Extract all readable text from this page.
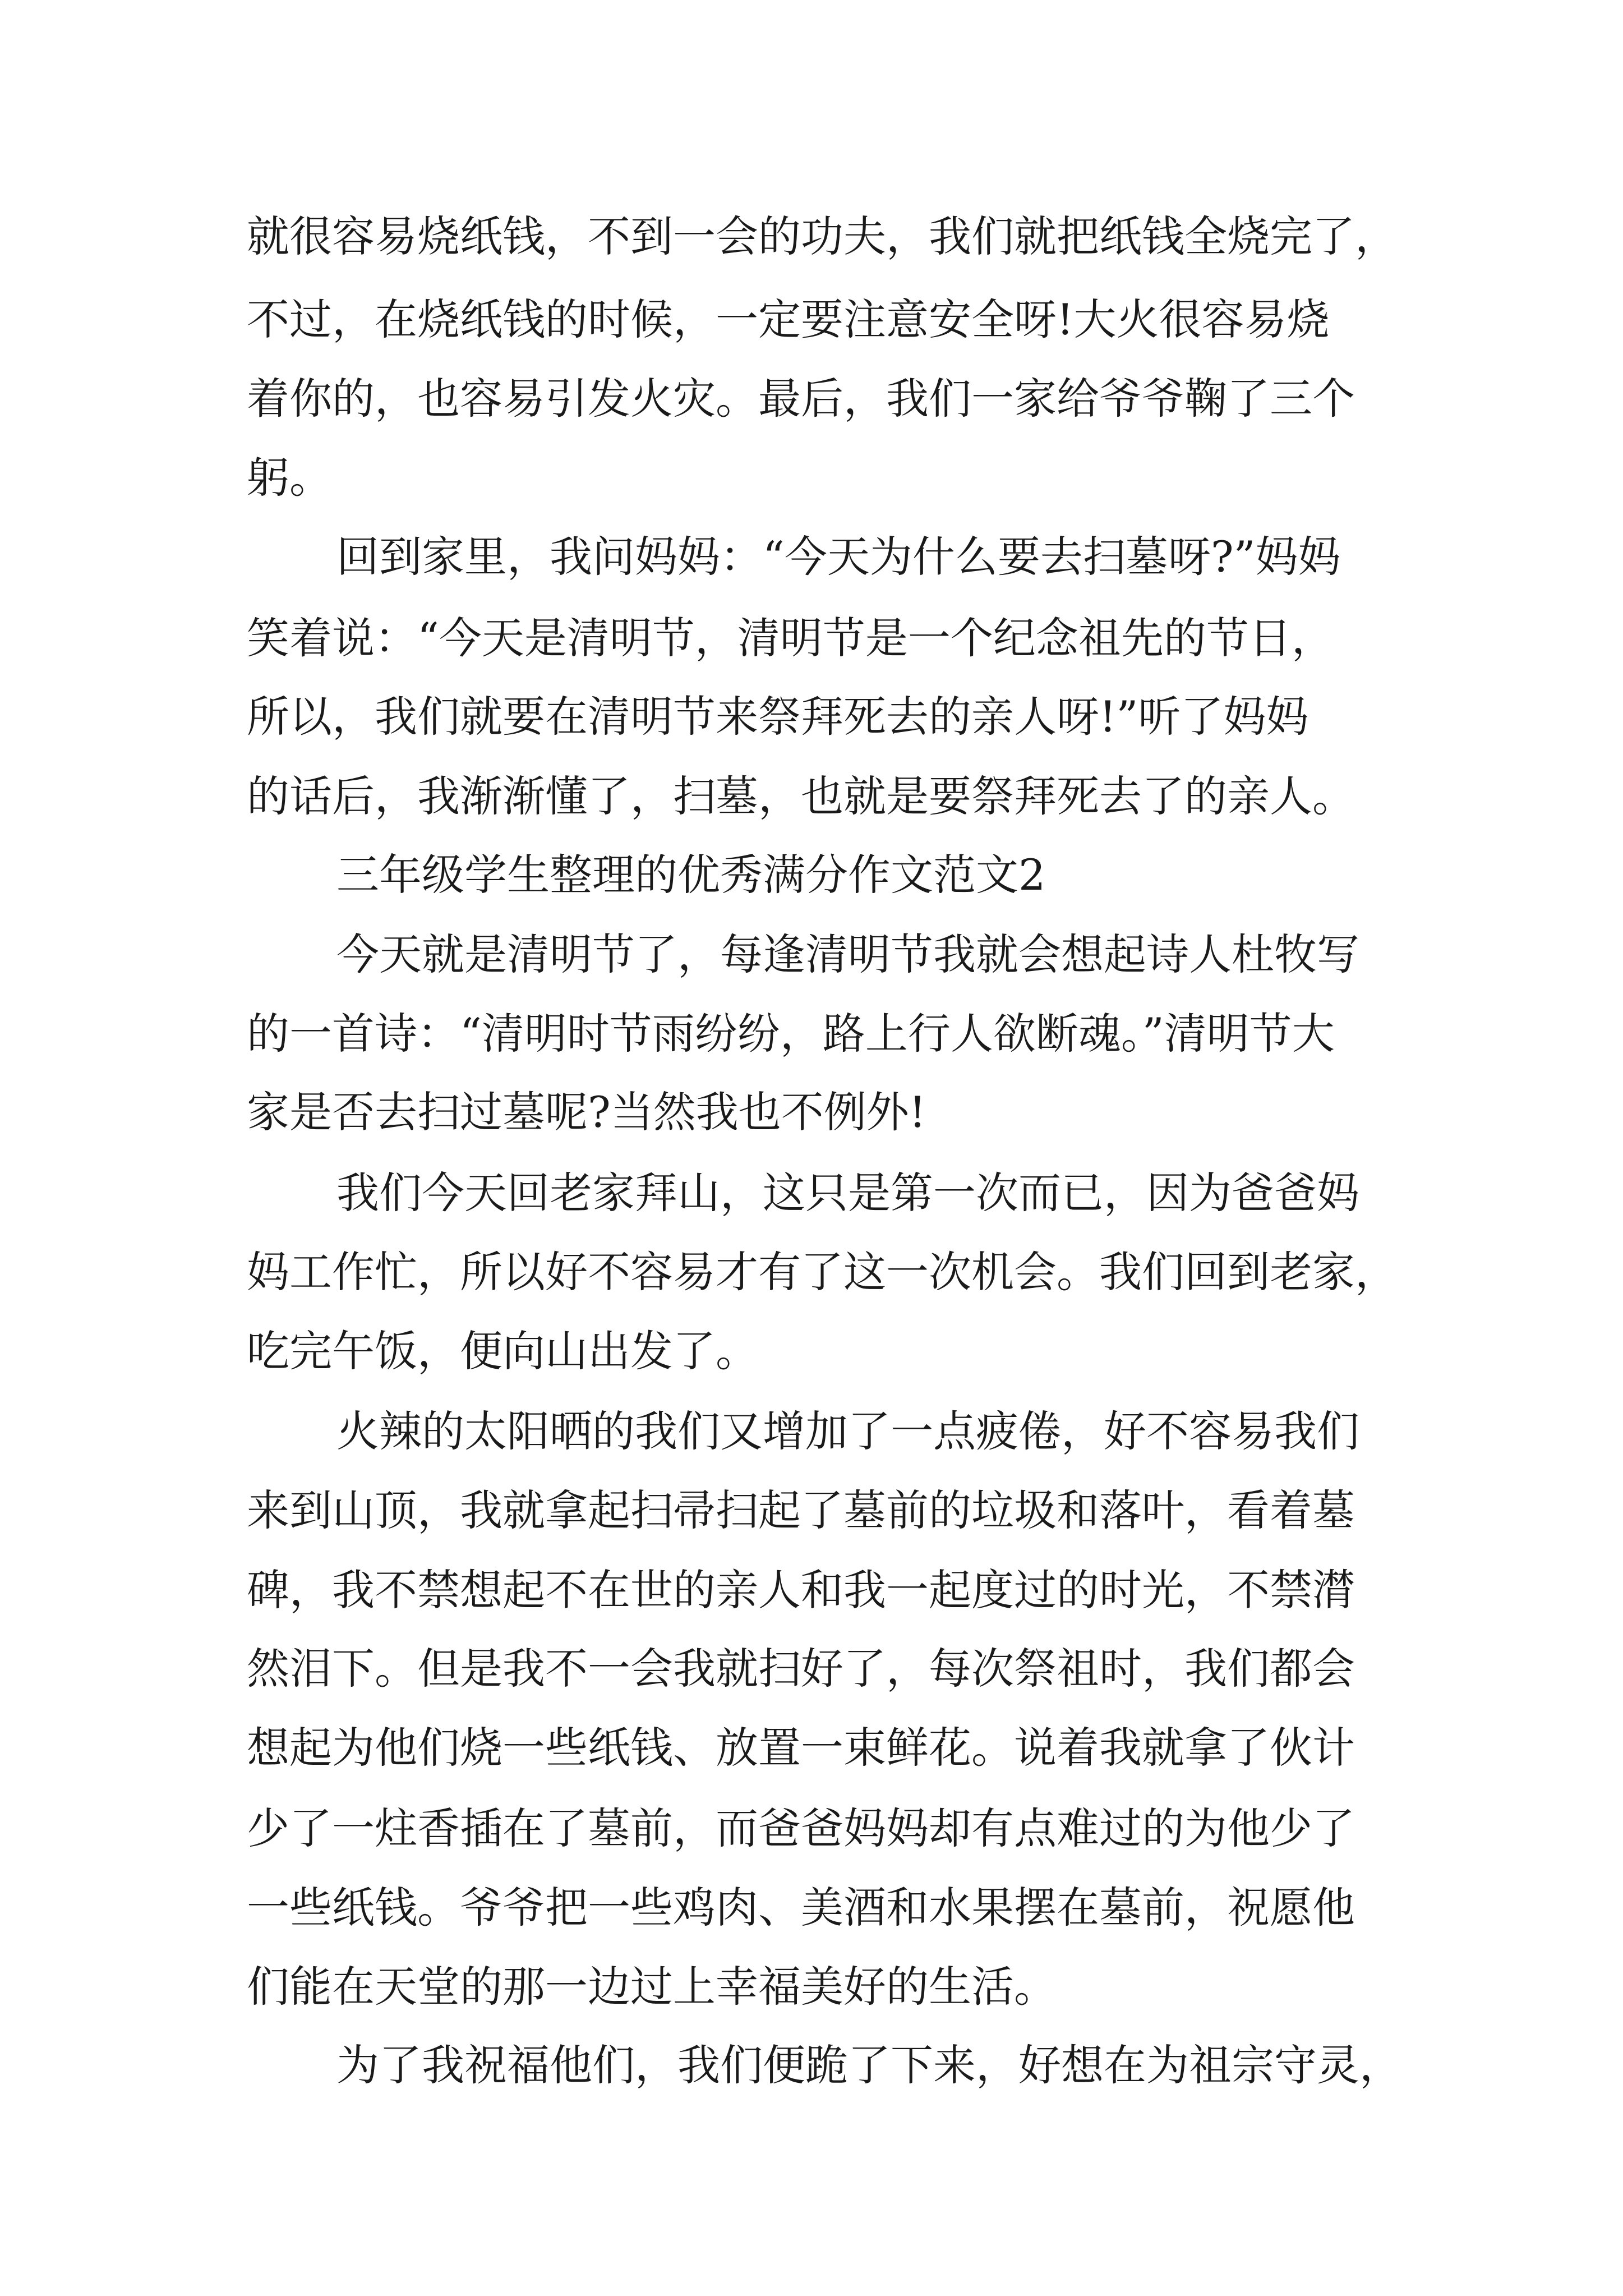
就很容易烧纸钱，不到一会的功夫，我们就把纸钱全烧完了，
不过，在烧纸钱的时候，一定要注意安全呀!大火很容易烧
着你的，也容易引发火灾。最后，我们一家给爷爷鞠了三个
躬。
回到家里，我问妈妈：“今天为什么要去扫墓呀?”妈妈
笑着说：“今天是清明节，清明节是一个纪念祖先的节日，
所以，我们就要在清明节来祭拜死去的亲人呀!”听了妈妈
的话后，我渐渐懂了，扫墓，也就是要祭拜死去了的亲人。
三年级学生整理的优秀满分作文范文2
今天就是清明节了，每逢清明节我就会想起诗人杜牧写
的一首诗：“清明时节雨纷纷，路上行人欲断魂。”清明节大
家是否去扫过墓呢?当然我也不例外!
我们今天回老家拜山，这只是第一次而已，因为爸爸妈
妈工作忙，所以好不容易才有了这一次机会。我们回到老家，
吃完午饭，便向山出发了。
火辣的太阳晒的我们又增加了一点疲倦，好不容易我们
来到山顶，我就拿起扫帚扫起了墓前的垃圾和落叶，看着墓
碑，我不禁想起不在世的亲人和我一起度过的时光，不禁潸
然泪下。但是我不一会我就扫好了，每次祭祖时，我们都会
想起为他们烧一些纸钱、放置一束鲜花。说着我就拿了伙计
少了一炷香插在了墓前，而爸爸妈妈却有点难过的为他少了
一些纸钱。爷爷把一些鸡肉、美酒和水果摆在墓前，祝愿他
们能在天堂的那一边过上幸福美好的生活。
为了我祝福他们，我们便跪了下来，好想在为祖宗守灵，
